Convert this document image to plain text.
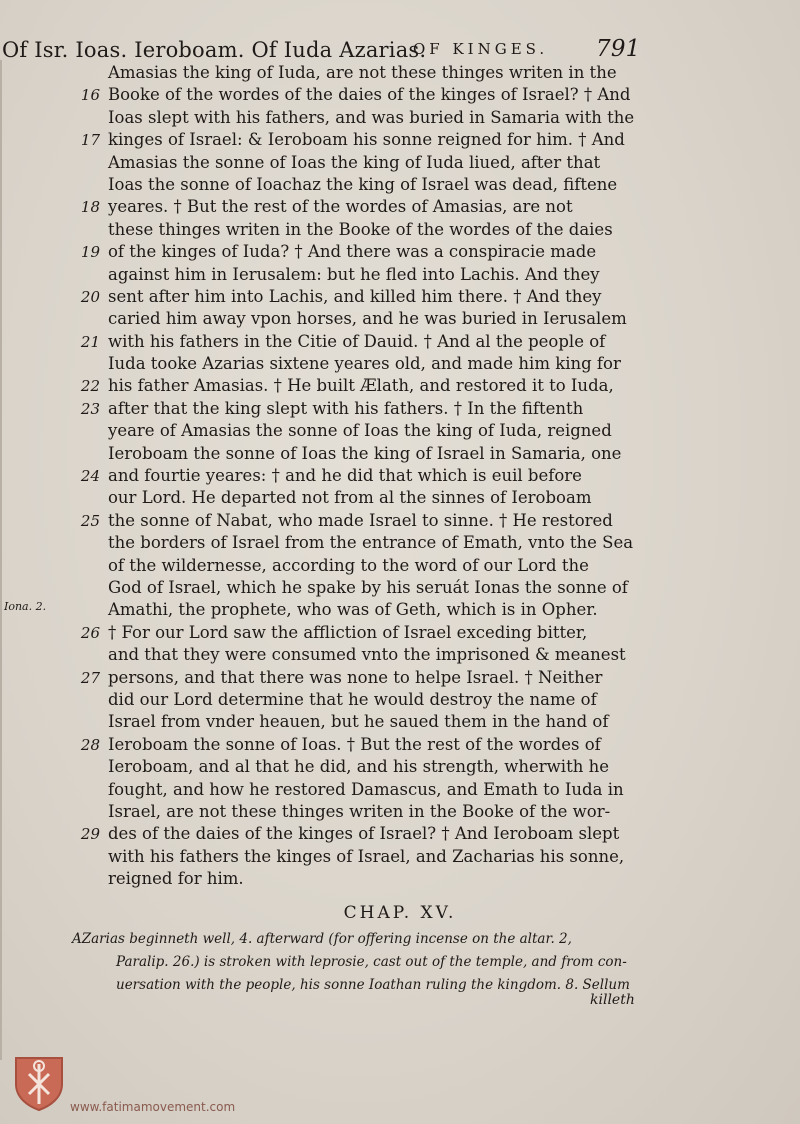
Of Isr. Ioas. Ieroboam. Of Iuda Azarias.
OF KINGES. 791
Amasias the king of Iuda, are not these thinges writen in the
16 Booke of the wordes of the daies of the kinges of Israel? † And
Ioas slept with his fathers, and was buried in Samaria with the
17 kinges of Israel: & Ieroboam his sonne reigned for him. † And
Amasias the sonne of Ioas the king of Iuda liued, after that
Ioas the sonne of Ioachaz the king of Israel was dead, fiftene
18 yeares. † But the rest of the wordes of Amasias, are not
these thinges writen in the Booke of the wordes of the daies
19 of the kinges of Iuda? † And there was a conspiracie made
against him in Ierusalem: but he fled into Lachis. And they
20 sent after him into Lachis, and killed him there. † And they
caried him away vpon horses, and he was buried in Ierusalem
21 with his fathers in the Citie of Dauid. † And al the people of
Iuda tooke Azarias sixtene yeares old, and made him king for
22 his father Amasias. † He built Ælath, and restored it to Iuda,
23 after that the king slept with his fathers. † In the fiftenth
yeare of Amasias the sonne of Ioas the king of Iuda, reigned
Ieroboam the sonne of Ioas the king of Israel in Samaria, one
24 and fourtie yeares: † and he did that which is euil before
our Lord. He departed not from al the sinnes of Ieroboam
25 the sonne of Nabat, who made Israel to sinne. † He restored
the borders of Israel from the entrance of Emath, vnto the Sea
of the wildernesse, according to the word of our Lord the
God of Israel, which he spake by his seruát Ionas the sonne of
Amathi, the prophete, who was of Geth, which is in Opher.
26 † For our Lord saw the affliction of Israel exceding bitter,
and that they were consumed vnto the imprisoned & meanest
27 persons, and that there was none to helpe Israel. † Neither
did our Lord determine that he would destroy the name of
Israel from vnder heauen, but he saued them in the hand of
28 Ieroboam the sonne of Ioas. † But the rest of the wordes of
Ieroboam, and al that he did, and his strength, wherwith he
fought, and how he restored Damascus, and Emath to Iuda in
Israel, are not these thinges writen in the Booke of the wor-
29 des of the daies of the kinges of Israel? † And Ieroboam slept
with his fathers the kinges of Israel, and Zacharias his sonne,
reigned for him.
Iona. 2.
CHAP. XV.
AZarias beginneth well, 4. afterward (for offering incense on the altar. 2,
Paralip. 26.) is stroken with leprosie, cast out of the temple, and from con-
uersation with the people, his sonne Ioathan ruling the kingdom. 8. Sellum
killeth
www.fatimamovement.com
